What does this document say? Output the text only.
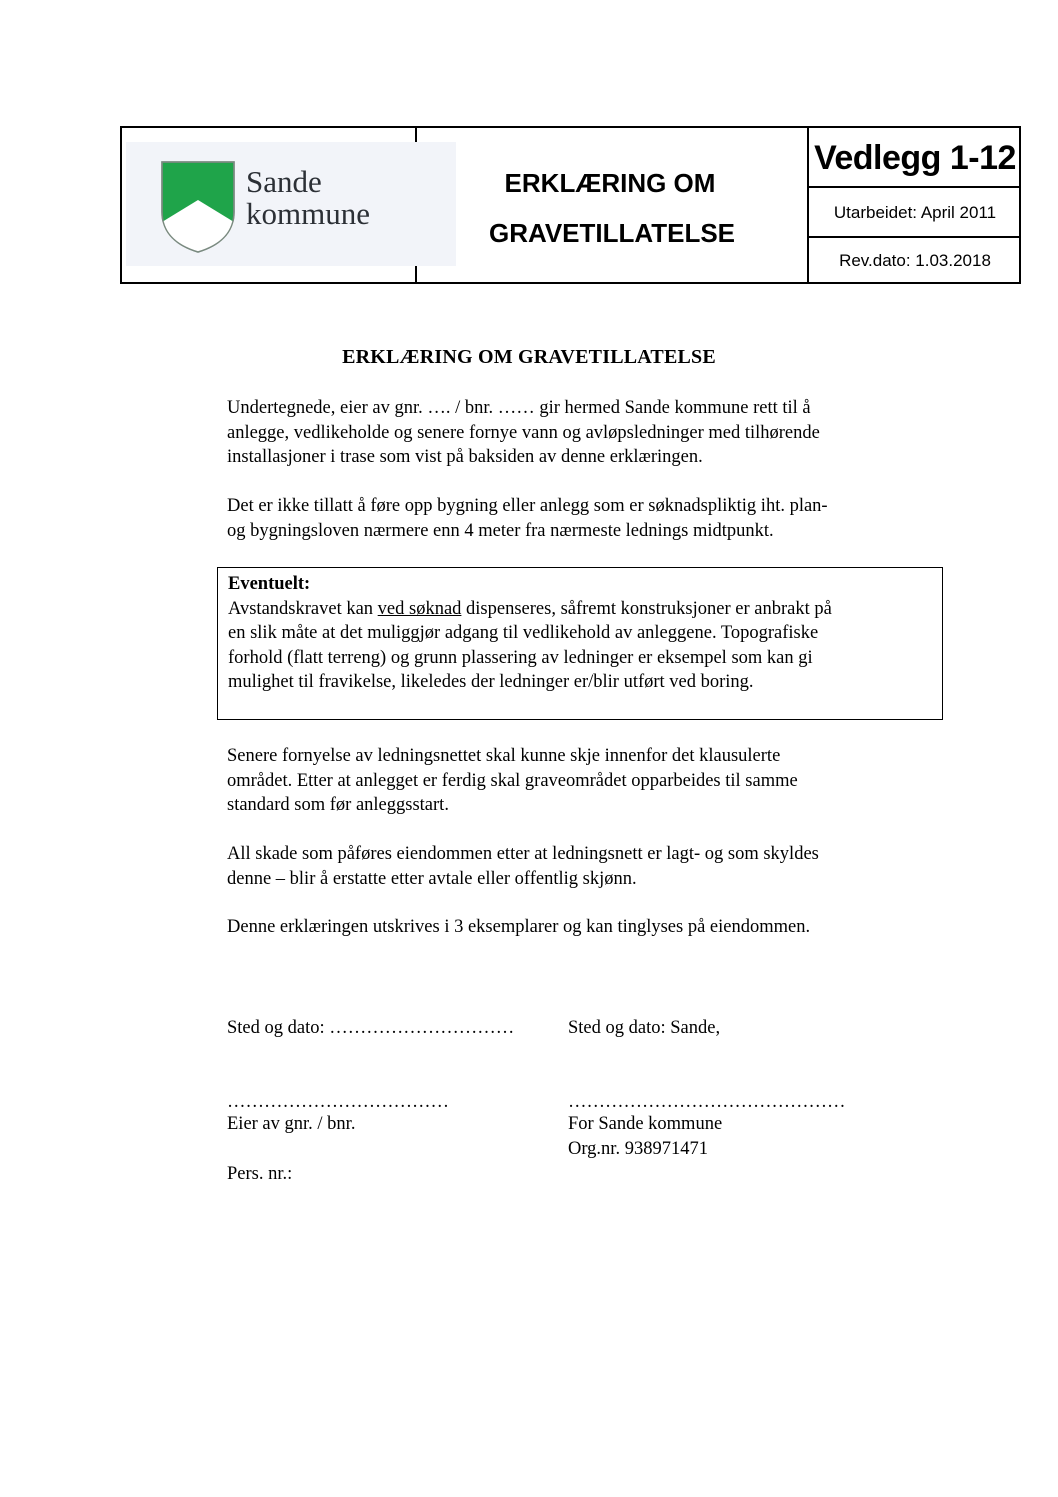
Sande
kommune
ERKLÆRING OM
GRAVETILLATELSE
Vedlegg 1-12
Utarbeidet: April 2011
Rev.dato: 1.03.2018
ERKLÆRING OM GRAVETILLATELSE
Undertegnede, eier av gnr. …. / bnr. …… gir hermed Sande kommune rett til å
anlegge, vedlikeholde og senere fornye vann og avløpsledninger med tilhørende
installasjoner i trase som vist på baksiden av denne erklæringen.
Det er ikke tillatt å føre opp bygning eller anlegg som er søknadspliktig iht. plan-
og bygningsloven nærmere enn 4 meter fra nærmeste lednings midtpunkt.
Eventuelt:
Avstandskravet kan ved søknad dispenseres, såfremt konstruksjoner er anbrakt på
en slik måte at det muliggjør adgang til vedlikehold av anleggene. Topografiske
forhold (flatt terreng) og grunn plassering av ledninger er eksempel som kan gi
mulighet til fravikelse, likeledes der ledninger er/blir utført ved boring.
Senere fornyelse av ledningsnettet skal kunne skje innenfor det klausulerte
området. Etter at anlegget er ferdig skal graveområdet opparbeides til samme
standard som før anleggsstart.
All skade som påføres eiendommen etter at ledningsnett er lagt- og som skyldes
denne – blir å erstatte etter avtale eller offentlig skjønn.
Denne erklæringen utskrives i 3 eksemplarer og kan tinglyses på eiendommen.
Sted og dato: …………………………	Sted og dato: Sande,
………………………………	………………………………………
Eier av gnr. / bnr.	For Sande kommune
Org.nr. 938971471
Pers. nr.:
